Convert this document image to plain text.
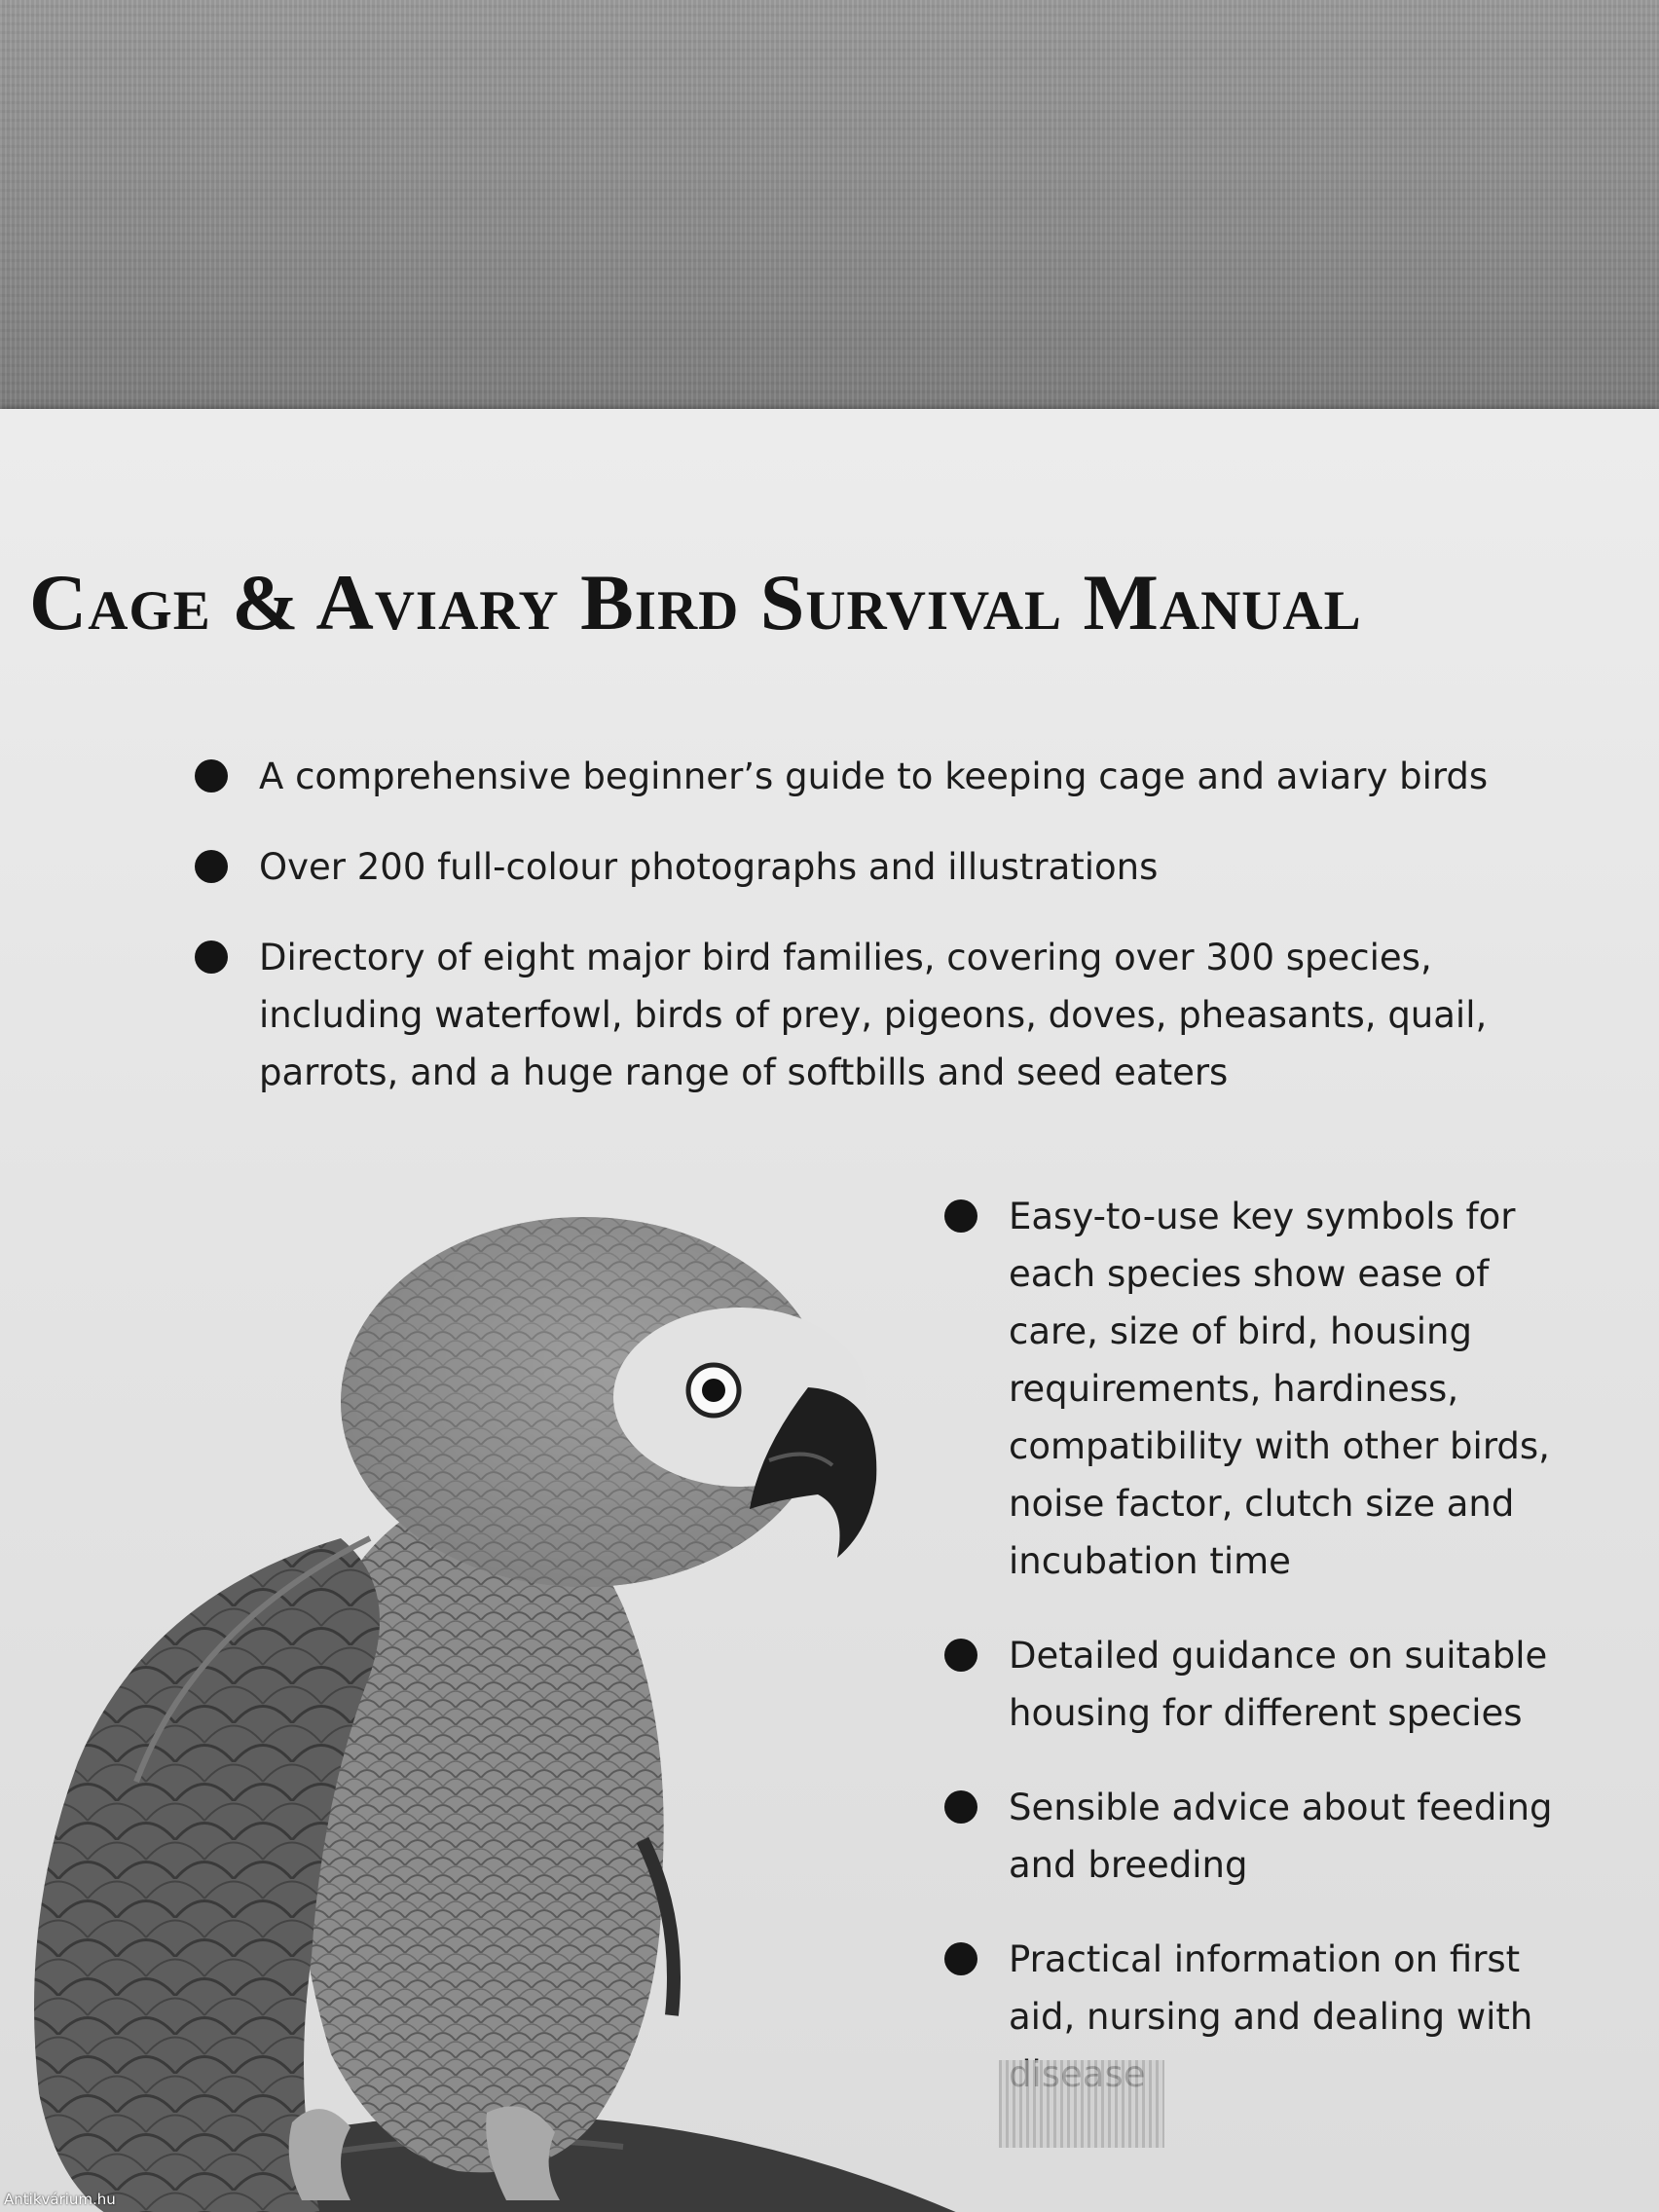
Cage & Aviary Bird Survival Manual
A comprehensive beginner’s guide to keeping cage and aviary birds
Over 200 full-colour photographs and illustrations
Directory of eight major bird families, covering over 300 species, including waterfowl, birds of prey, pigeons, doves, pheasants, quail, parrots, and a huge range of softbills and seed eaters
Easy-to-use key symbols for each species show ease of care, size of bird, housing requirements, hardiness, compatibility with other birds, noise factor, clutch size and incubation time
Detailed guidance on suitable housing for different species
Sensible advice about feeding and breeding
Practical information on first aid, nursing and dealing with
Antikvárium.hu
